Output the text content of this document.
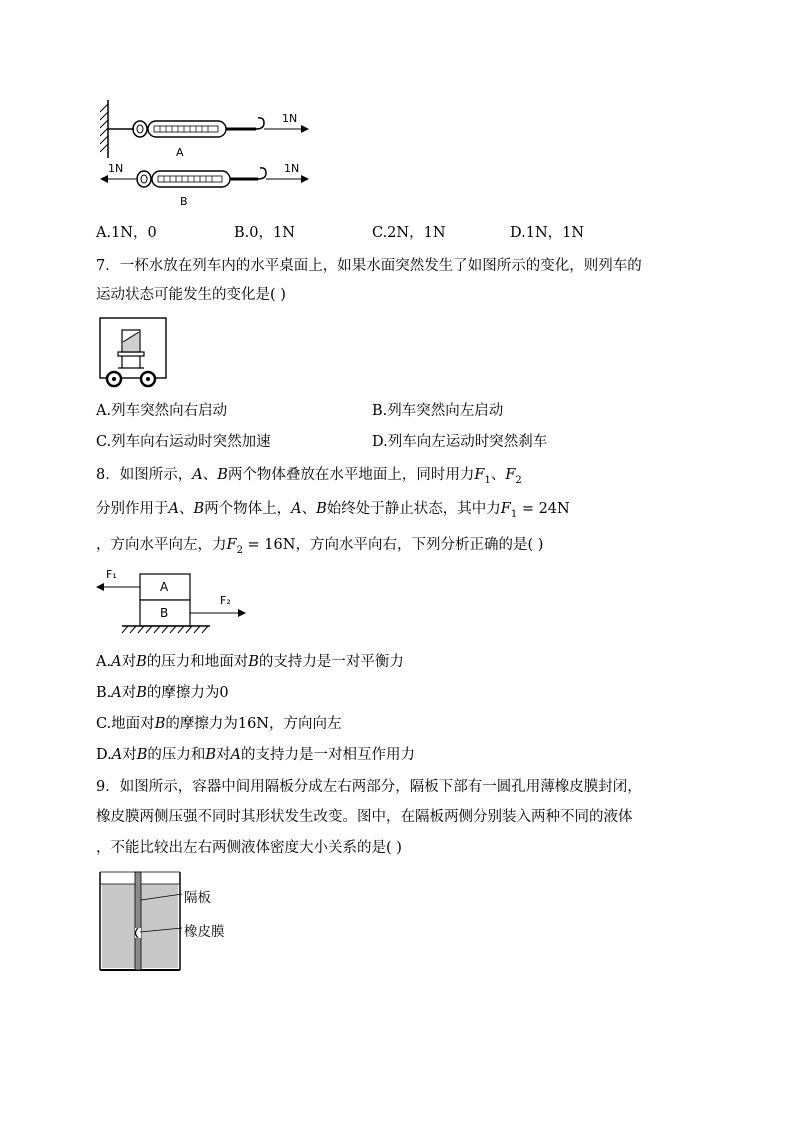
A
B
1N
1N	1N
A.1N，0	B.0，1N	C.2N，1N	D.1N，1N
7．一杯水放在列车内的水平桌面上，如果水面突然发生了如图所示的变化，则列车的
运动状态可能发生的变化是( )
A.列车突然向右启动	B.列车突然向左启动
C.列车向右运动时突然加速	D.列车向左运动时突然刹车
8．如图所示，A、B两个物体叠放在水平地面上，同时用力$F_1$、$F_2$
分别作用于A、B两个物体上，A、B始终处于静止状态，其中力$F_1 = 24N$
，方向水平向左，力$F_2 = 16N$，方向水平向右，下列分析正确的是( )
A
B
F₁
F₂
A.A对B的压力和地面对B的支持力是一对平衡力
B.A对B的摩擦力为0
C.地面对B的摩擦力为16N，方向向左
D.A对B的压力和B对A的支持力是一对相互作用力
9．如图所示，容器中间用隔板分成左右两部分，隔板下部有一圆孔用薄橡皮膜封闭，
橡皮膜两侧压强不同时其形状发生改变。图中，在隔板两侧分别装入两种不同的液体
，不能比较出左右两侧液体密度大小关系的是( )
隔板
橡皮膜
